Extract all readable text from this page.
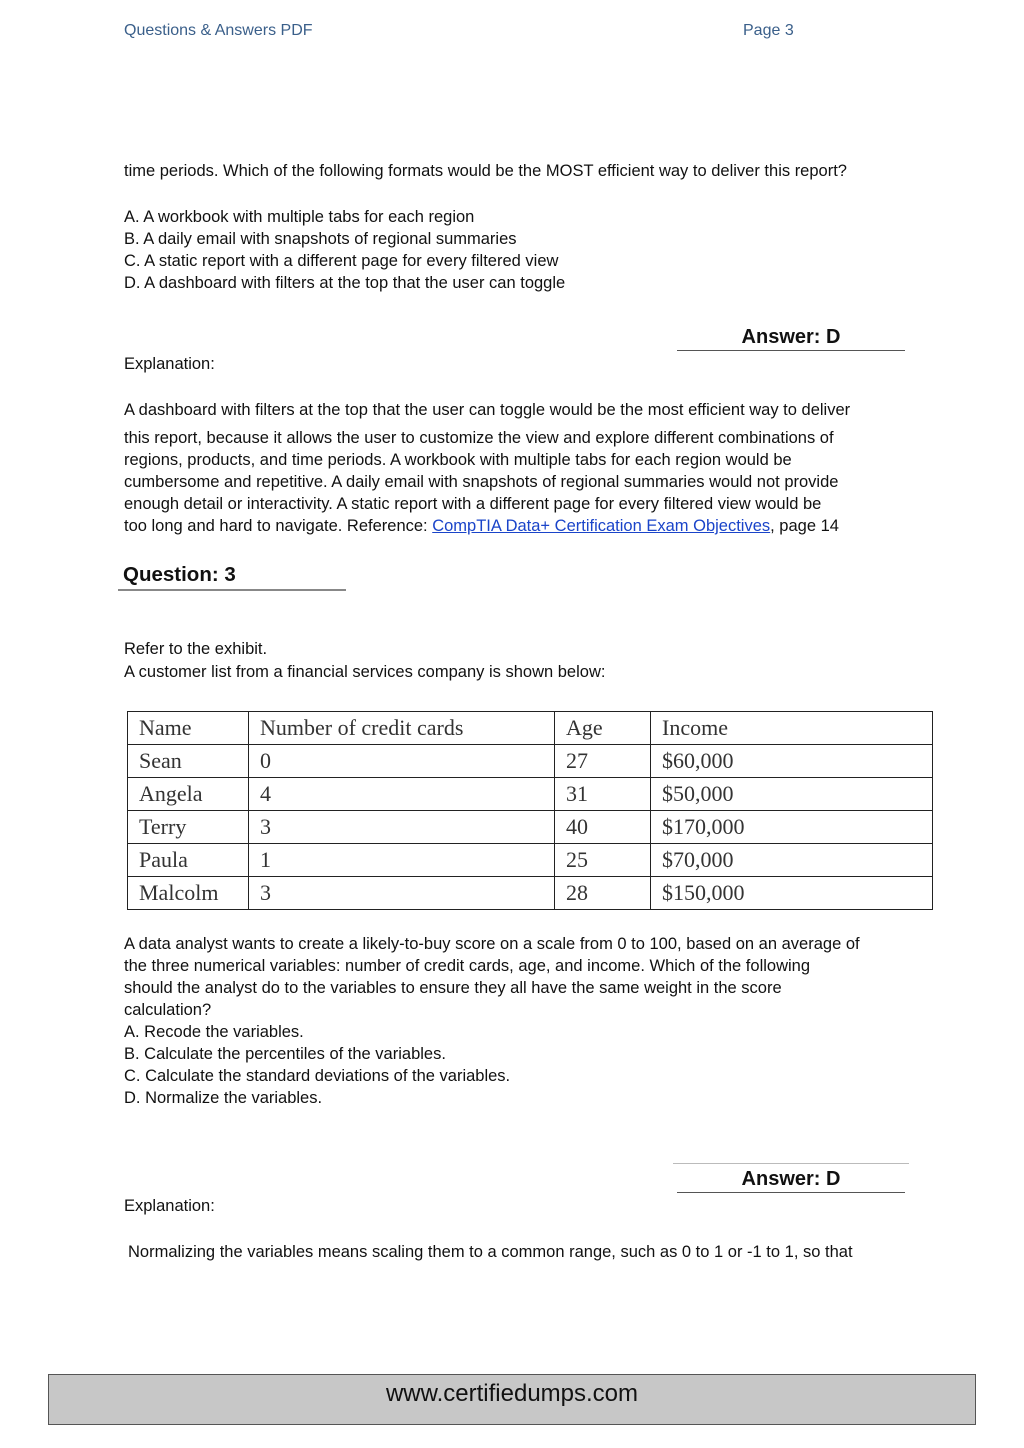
Questions & Answers PDF	Page 3
time periods. Which of the following formats would be the MOST efficient way to deliver this report?
A. A workbook with multiple tabs for each region
B. A daily email with snapshots of regional summaries
C. A static report with a different page for every filtered view
D. A dashboard with filters at the top that the user can toggle
Answer: D
Explanation:
A dashboard with filters at the top that the user can toggle would be the most efficient way to deliver
this report, because it allows the user to customize the view and explore different combinations of
regions, products, and time periods. A workbook with multiple tabs for each region would be
cumbersome and repetitive. A daily email with snapshots of regional summaries would not provide
enough detail or interactivity. A static report with a different page for every filtered view would be
too long and hard to navigate. Reference: CompTIA Data+ Certification Exam Objectives, page 14
Question: 3
Refer to the exhibit.
A customer list from a financial services company is shown below:
Name	Number of credit cards	Age	Income
Sean	0	27	$60,000
Angela	4	31	$50,000
Terry	3	40	$170,000
Paula	1	25	$70,000
Malcolm	3	28	$150,000
A data analyst wants to create a likely-to-buy score on a scale from 0 to 100, based on an average of
the three numerical variables: number of credit cards, age, and income. Which of the following
should the analyst do to the variables to ensure they all have the same weight in the score
calculation?
A. Recode the variables.
B. Calculate the percentiles of the variables.
C. Calculate the standard deviations of the variables.
D. Normalize the variables.
Answer: D
Explanation:
Normalizing the variables means scaling them to a common range, such as 0 to 1 or -1 to 1, so that
www.certifiedumps.com
